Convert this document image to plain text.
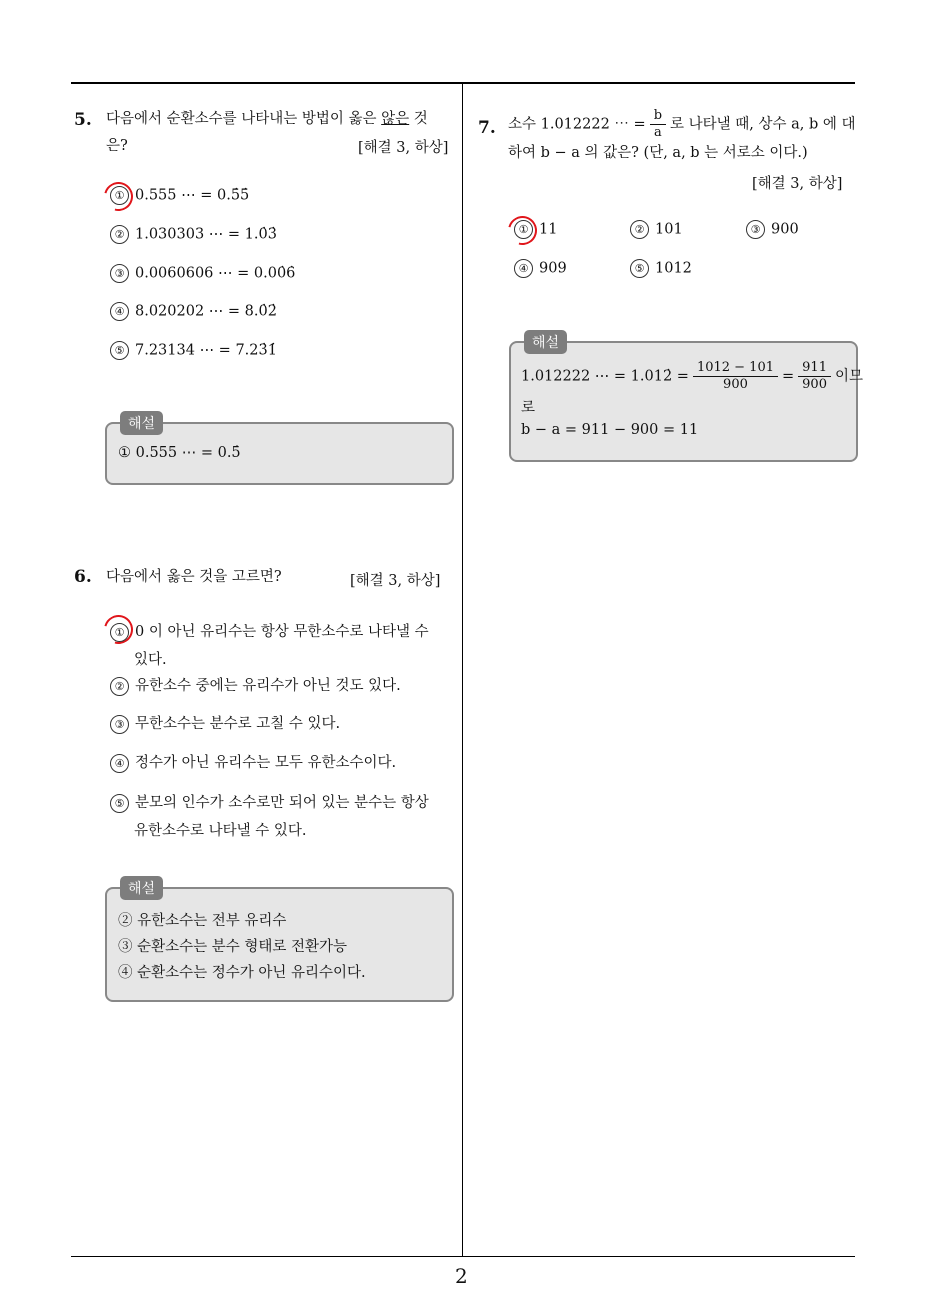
2
5. 다음에서 순환소수를 나타내는 방법이 옳은 않은 것
은?	[해결 3, 하상]
① 0.555 ⋯ = 0.5̇5̇
② 1.030303 ⋯ = 1.0̇3̇
③ 0.0060606 ⋯ = 0.00̇6̇
④ 8.020202 ⋯ = 8.0̇2̇
⑤ 7.23134 ⋯ = 7.23̇1̇
해설
① 0.555 ⋯ = 0.5̇
6. 다음에서 옳은 것을 고르면?	[해결 3, 하상]
① 0 이 아닌 유리수는 항상 무한소수로 나타낼 수
있다.
② 유한소수 중에는 유리수가 아닌 것도 있다.
③ 무한소수는 분수로 고칠 수 있다.
④ 정수가 아닌 유리수는 모두 유한소수이다.
⑤ 분모의 인수가 소수로만 되어 있는 분수는 항상
유한소수로 나타낼 수 있다.
해설
② 유한소수는 전부 유리수
③ 순환소수는 분수 형태로 전환가능
④ 순환소수는 정수가 아닌 유리수이다.
7. 소수 1.012222 ⋯ = $\frac{b}{a}$ 로 나타낼 때, 상수 a, b 에 대
하여 b − a 의 값은? (단, a, b 는 서로소 이다.)
[해결 3, 하상]
① 11	② 101	③ 900
④ 909	⑤ 1012
해설
1.012222 ⋯ = 1.012̇ = $\frac{1012 - 101}{900} = \frac{911}{900}$ 이므
로
b − a = 911 − 900 = 11
